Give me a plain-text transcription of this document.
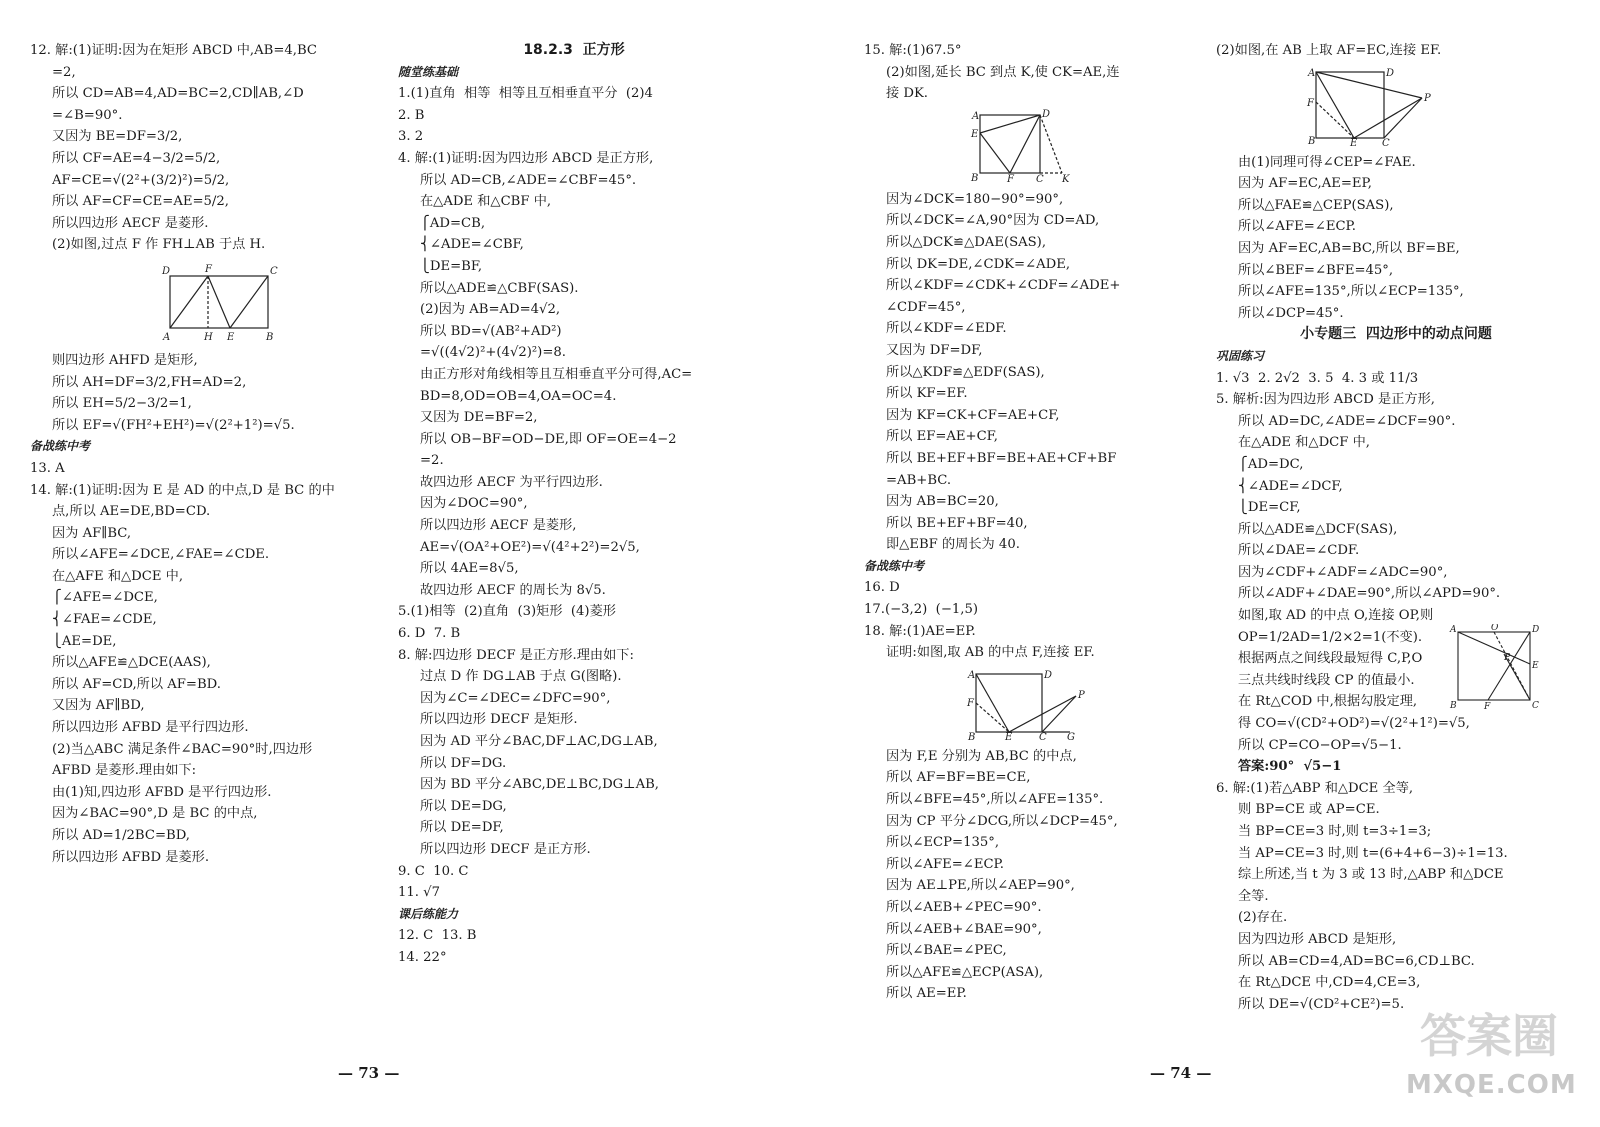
12. 解:(1)证明:因为在矩形 ABCD 中,AB=4,BC
=2,
所以 CD=AB=4,AD=BC=2,CD∥AB,∠D
=∠B=90°.
又因为 BE=DF=3/2,
所以 CF=AE=4−3/2=5/2,
AF=CE=√(2²+(3/2)²)=5/2,
所以 AF=CF=CE=AE=5/2,
所以四边形 AECF 是菱形.
(2)如图,过点 F 作 FH⊥AB 于点 H.
D	F	C
A	H E	B
则四边形 AHFD 是矩形,
所以 AH=DF=3/2,FH=AD=2,
所以 EH=5/2−3/2=1,
所以 EF=√(FH²+EH²)=√(2²+1²)=√5.
备战练中考
13. A
14. 解:(1)证明:因为 E 是 AD 的中点,D 是 BC 的中
点,所以 AE=DE,BD=CD.
因为 AF∥BC,
所以∠AFE=∠DCE,∠FAE=∠CDE.
在△AFE 和△DCE 中,
⎧∠AFE=∠DCE,
⎨∠FAE=∠CDE,
⎩AE=DE,
所以△AFE≌△DCE(AAS),
所以 AF=CD,所以 AF=BD.
又因为 AF∥BD,
所以四边形 AFBD 是平行四边形.
(2)当△ABC 满足条件∠BAC=90°时,四边形
AFBD 是菱形.理由如下:
由(1)知,四边形 AFBD 是平行四边形.
因为∠BAC=90°,D 是 BC 的中点,
所以 AD=1/2BC=BD,
所以四边形 AFBD 是菱形.
18.2.3  正方形
随堂练基础
1.(1)直角  相等  相等且互相垂直平分  (2)4
2. B
3. 2
4. 解:(1)证明:因为四边形 ABCD 是正方形,
所以 AD=CB,∠ADE=∠CBF=45°.
在△ADE 和△CBF 中,
⎧AD=CB,
⎨∠ADE=∠CBF,
⎩DE=BF,
所以△ADE≌△CBF(SAS).
(2)因为 AB=AD=4√2,
所以 BD=√(AB²+AD²)
=√((4√2)²+(4√2)²)=8.
由正方形对角线相等且互相垂直平分可得,AC=
BD=8,OD=OB=4,OA=OC=4.
又因为 DE=BF=2,
所以 OB−BF=OD−DE,即 OF=OE=4−2
=2.
故四边形 AECF 为平行四边形.
因为∠DOC=90°,
所以四边形 AECF 是菱形,
AE=√(OA²+OE²)=√(4²+2²)=2√5,
所以 4AE=8√5,
故四边形 AECF 的周长为 8√5.
5.(1)相等  (2)直角  (3)矩形  (4)菱形
6. D  7. B
8. 解:四边形 DECF 是正方形.理由如下:
过点 D 作 DG⊥AB 于点 G(图略).
因为∠C=∠DEC=∠DFC=90°,
所以四边形 DECF 是矩形.
因为 AD 平分∠BAC,DF⊥AC,DG⊥AB,
所以 DF=DG.
因为 BD 平分∠ABC,DE⊥BC,DG⊥AB,
所以 DE=DG,
所以 DE=DF,
所以四边形 DECF 是正方形.
9. C  10. C
11. √7
课后练能力
12. C  13. B
14. 22°
15. 解:(1)67.5°
(2)如图,延长 BC 到点 K,使 CK=AE,连
接 DK.
A	D
E
B	F C K
因为∠DCK=180−90°=90°,
所以∠DCK=∠A,90°因为 CD=AD,
所以△DCK≌△DAE(SAS),
所以 DK=DE,∠CDK=∠ADE,
所以∠KDF=∠CDK+∠CDF=∠ADE+
∠CDF=45°,
所以∠KDF=∠EDF.
又因为 DF=DF,
所以△KDF≌△EDF(SAS),
所以 KF=EF.
因为 KF=CK+CF=AE+CF,
所以 EF=AE+CF,
所以 BE+EF+BF=BE+AE+CF+BF
=AB+BC.
因为 AB=BC=20,
所以 BE+EF+BF=40,
即△EBF 的周长为 40.
备战练中考
16. D
17.(−3,2)  (−1,5)
18. 解:(1)AE=EP.
证明:如图,取 AB 的中点 F,连接 EF.
A	D
F
P
B	E	C G
因为 F,E 分别为 AB,BC 的中点,
所以 AF=BF=BE=CE,
所以∠BFE=45°,所以∠AFE=135°.
因为 CP 平分∠DCG,所以∠DCP=45°,
所以∠ECP=135°,
所以∠AFE=∠ECP.
因为 AE⊥PE,所以∠AEP=90°,
所以∠AEB+∠PEC=90°.
所以∠AEB+∠BAE=90°,
所以∠BAE=∠PEC,
所以△AFE≌△ECP(ASA),
所以 AE=EP.
(2)如图,在 AB 上取 AF=EC,连接 EF.
A	D
F	P
B	E C
由(1)同理可得∠CEP=∠FAE.
因为 AF=EC,AE=EP,
所以△FAE≌△CEP(SAS),
所以∠AFE=∠ECP.
因为 AF=EC,AB=BC,所以 BF=BE,
所以∠BEF=∠BFE=45°,
所以∠AFE=135°,所以∠ECP=135°,
所以∠DCP=45°.
小专题三  四边形中的动点问题
巩固练习
1. √3  2. 2√2  3. 5  4. 3 或 11/3
5. 解析:因为四边形 ABCD 是正方形,
所以 AD=DC,∠ADE=∠DCF=90°.
在△ADE 和△DCF 中,
⎧AD=DC,
⎨∠ADE=∠DCF,
⎩DE=CF,
所以△ADE≌△DCF(SAS),
所以∠DAE=∠CDF.
因为∠CDF+∠ADF=∠ADC=90°,
所以∠ADF+∠DAE=90°,所以∠APD=90°.
如图,取 AD 的中点 O,连接 OP,则
OP=1/2AD=1/2×2=1(不变).
根据两点之间线段最短得 C,P,O
三点共线时线段 CP 的值最小.
在 Rt△COD 中,根据勾股定理,
得 CO=√(CD²+OD²)=√(2²+1²)=√5,
所以 CP=CO−OP=√5−1.
答案:90°  √5−1
6. 解:(1)若△ABP 和△DCE 全等,
则 BP=CE 或 AP=CE.
当 BP=CE=3 时,则 t=3÷1=3;
当 AP=CE=3 时,则 t=(6+4+6−3)÷1=13.
综上所述,当 t 为 3 或 13 时,△ABP 和△DCE
全等.
(2)存在.
因为四边形 ABCD 是矩形,
所以 AB=CD=4,AD=BC=6,CD⊥BC.
在 Rt△DCE 中,CD=4,CE=3,
所以 DE=√(CD²+CE²)=5.
A	O	D
P
E
B	F	C
— 73 —	— 74 —
答案圈
MXQE.COM
